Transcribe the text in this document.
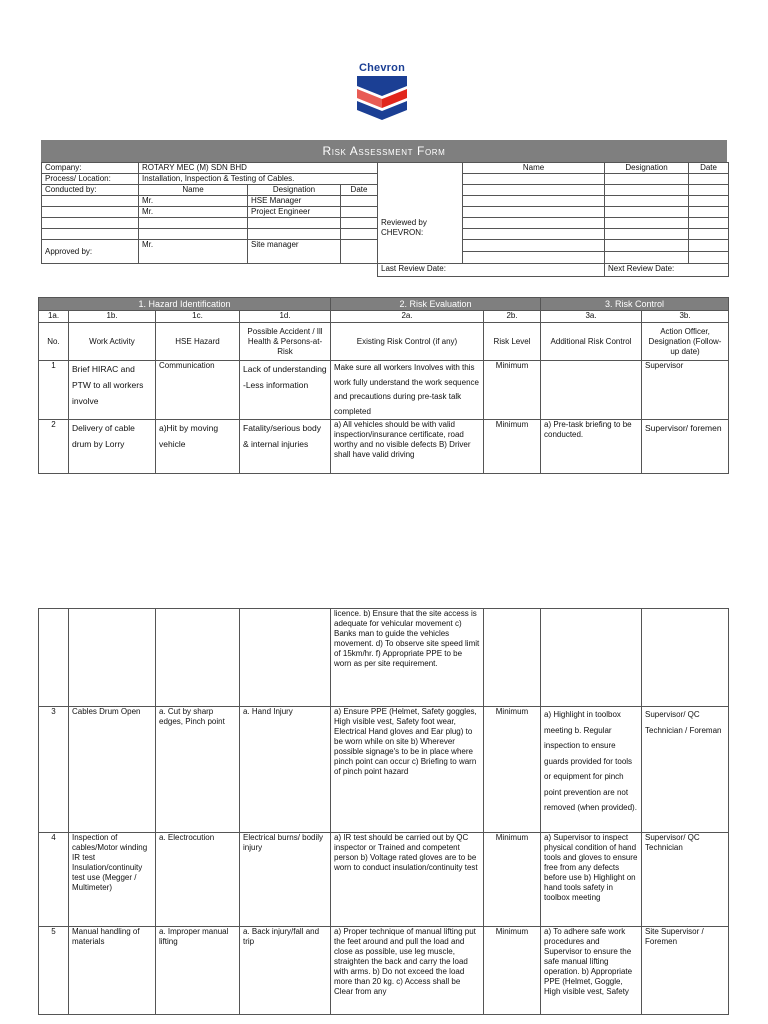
Chevron
Risk Assessment Form
Company:	ROTARY MEC (M) SDN BHD			Reviewed by CHEVRON:	Name	Designation	Date
Process/ Location:	Installation, Inspection & Testing of Cables.						
Conducted by:	Name	Designation	Date				
	Mr.	HSE Manager					
	Mr.	Project Engineer					

Approved by:	Mr.	Site manager					

				Last Review Date:		Next Review Date:	
1. Hazard Identification				2. Risk Evaluation		3. Risk Control	
1a.	1b.	1c.	1d.	2a.	2b.	3a.	3b.
No.	Work Activity	HSE Hazard	Possible Accident / Ill Health & Persons-at-Risk	Existing Risk Control (if any)	Risk Level	Additional Risk Control	Action Officer, Designation (Follow-up date)
1	Brief HIRAC and PTW to all workers involve	Communication	Lack of understanding -Less information	Make sure all workers Involves with this work fully understand the work sequence and precautions during pre-task talk completed	Minimum		Supervisor
2	Delivery of cable drum by Lorry	a)Hit by moving vehicle	Fatality/serious body & internal injuries	a) All vehicles should be with valid inspection/insurance certificate, road worthy and no visible defects B) Driver shall have valid driving	Minimum	a) Pre-task briefing to be conducted.	Supervisor/ foremen
				licence. b) Ensure that the site access is adequate for vehicular movement c) Banks man to guide the vehicles movement. d) To observe site speed limit of 15km/hr. f) Appropriate PPE to be worn as per site requirement.			
3	Cables Drum Open	a. Cut by sharp edges, Pinch point	a. Hand Injury	a) Ensure PPE (Helmet, Safety goggles, High visible vest, Safety foot wear, Electrical Hand gloves and Ear plug) to be worn while on site b) Wherever possible signage's to be in place where pinch point can occur c) Briefing to warn of pinch point hazard	Minimum	a) Highlight in toolbox meeting b. Regular inspection to ensure guards provided for tools or equipment for pinch point prevention are not removed (when provided).	Supervisor/ QC Technician / Foreman
4	Inspection of cables/Motor winding IR test Insulation/continuity test use (Megger / Multimeter)	a. Electrocution	Electrical burns/ bodily injury	a) IR test should be carried out by QC inspector or Trained and competent person b) Voltage rated gloves are to be worn to conduct insulation/continuity test	Minimum	a) Supervisor to inspect physical condition of hand tools and gloves to ensure free from any defects before use b) Highlight on hand tools safety in toolbox meeting	Supervisor/ QC Technician
5	Manual handling of materials	a. Improper manual lifting	a. Back injury/fall and trip	a) Proper technique of manual lifting put the feet around and pull the load and close as possible, use leg muscle, straighten the back and carry the load with arms. b) Do not exceed the load more than 20 kg. c) Access shall be Clear from any	Minimum	a) To adhere safe work procedures and Supervisor to ensure the safe manual lifting operation. b) Appropriate PPE (Helmet, Goggle, High visible vest, Safety	Site Supervisor / Foremen
